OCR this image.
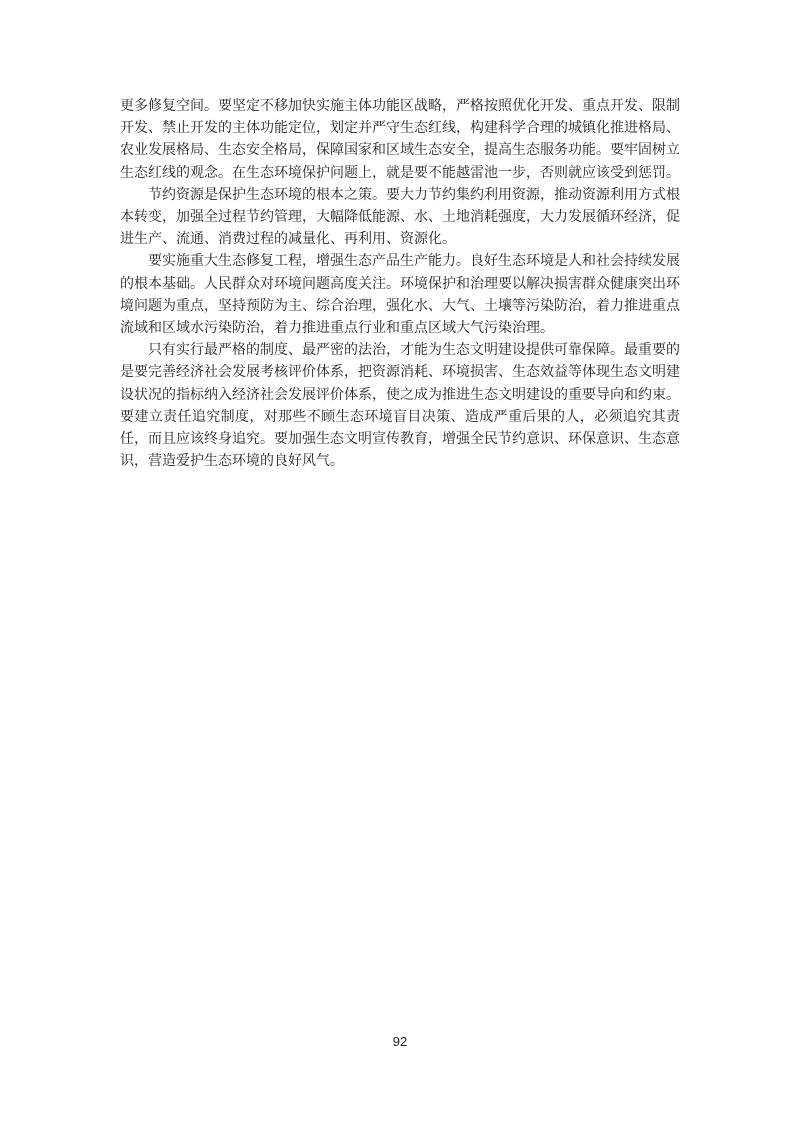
更多修复空间。要坚定不移加快实施主体功能区战略，严格按照优化开发、重点开发、限制开发、禁止开发的主体功能定位，划定并严守生态红线，构建科学合理的城镇化推进格局、农业发展格局、生态安全格局，保障国家和区域生态安全，提高生态服务功能。要牢固树立生态红线的观念。在生态环境保护问题上，就是要不能越雷池一步，否则就应该受到惩罚。

节约资源是保护生态环境的根本之策。要大力节约集约利用资源，推动资源利用方式根本转变，加强全过程节约管理，大幅降低能源、水、土地消耗强度，大力发展循环经济，促进生产、流通、消费过程的减量化、再利用、资源化。

要实施重大生态修复工程，增强生态产品生产能力。良好生态环境是人和社会持续发展的根本基础。人民群众对环境问题高度关注。环境保护和治理要以解决损害群众健康突出环境问题为重点，坚持预防为主、综合治理，强化水、大气、土壤等污染防治，着力推进重点流域和区域水污染防治，着力推进重点行业和重点区域大气污染治理。

只有实行最严格的制度、最严密的法治，才能为生态文明建设提供可靠保障。最重要的是要完善经济社会发展考核评价体系，把资源消耗、环境损害、生态效益等体现生态文明建设状况的指标纳入经济社会发展评价体系，使之成为推进生态文明建设的重要导向和约束。要建立责任追究制度，对那些不顾生态环境盲目决策、造成严重后果的人，必须追究其责任，而且应该终身追究。要加强生态文明宣传教育，增强全民节约意识、环保意识、生态意识，营造爱护生态环境的良好风气。

92
